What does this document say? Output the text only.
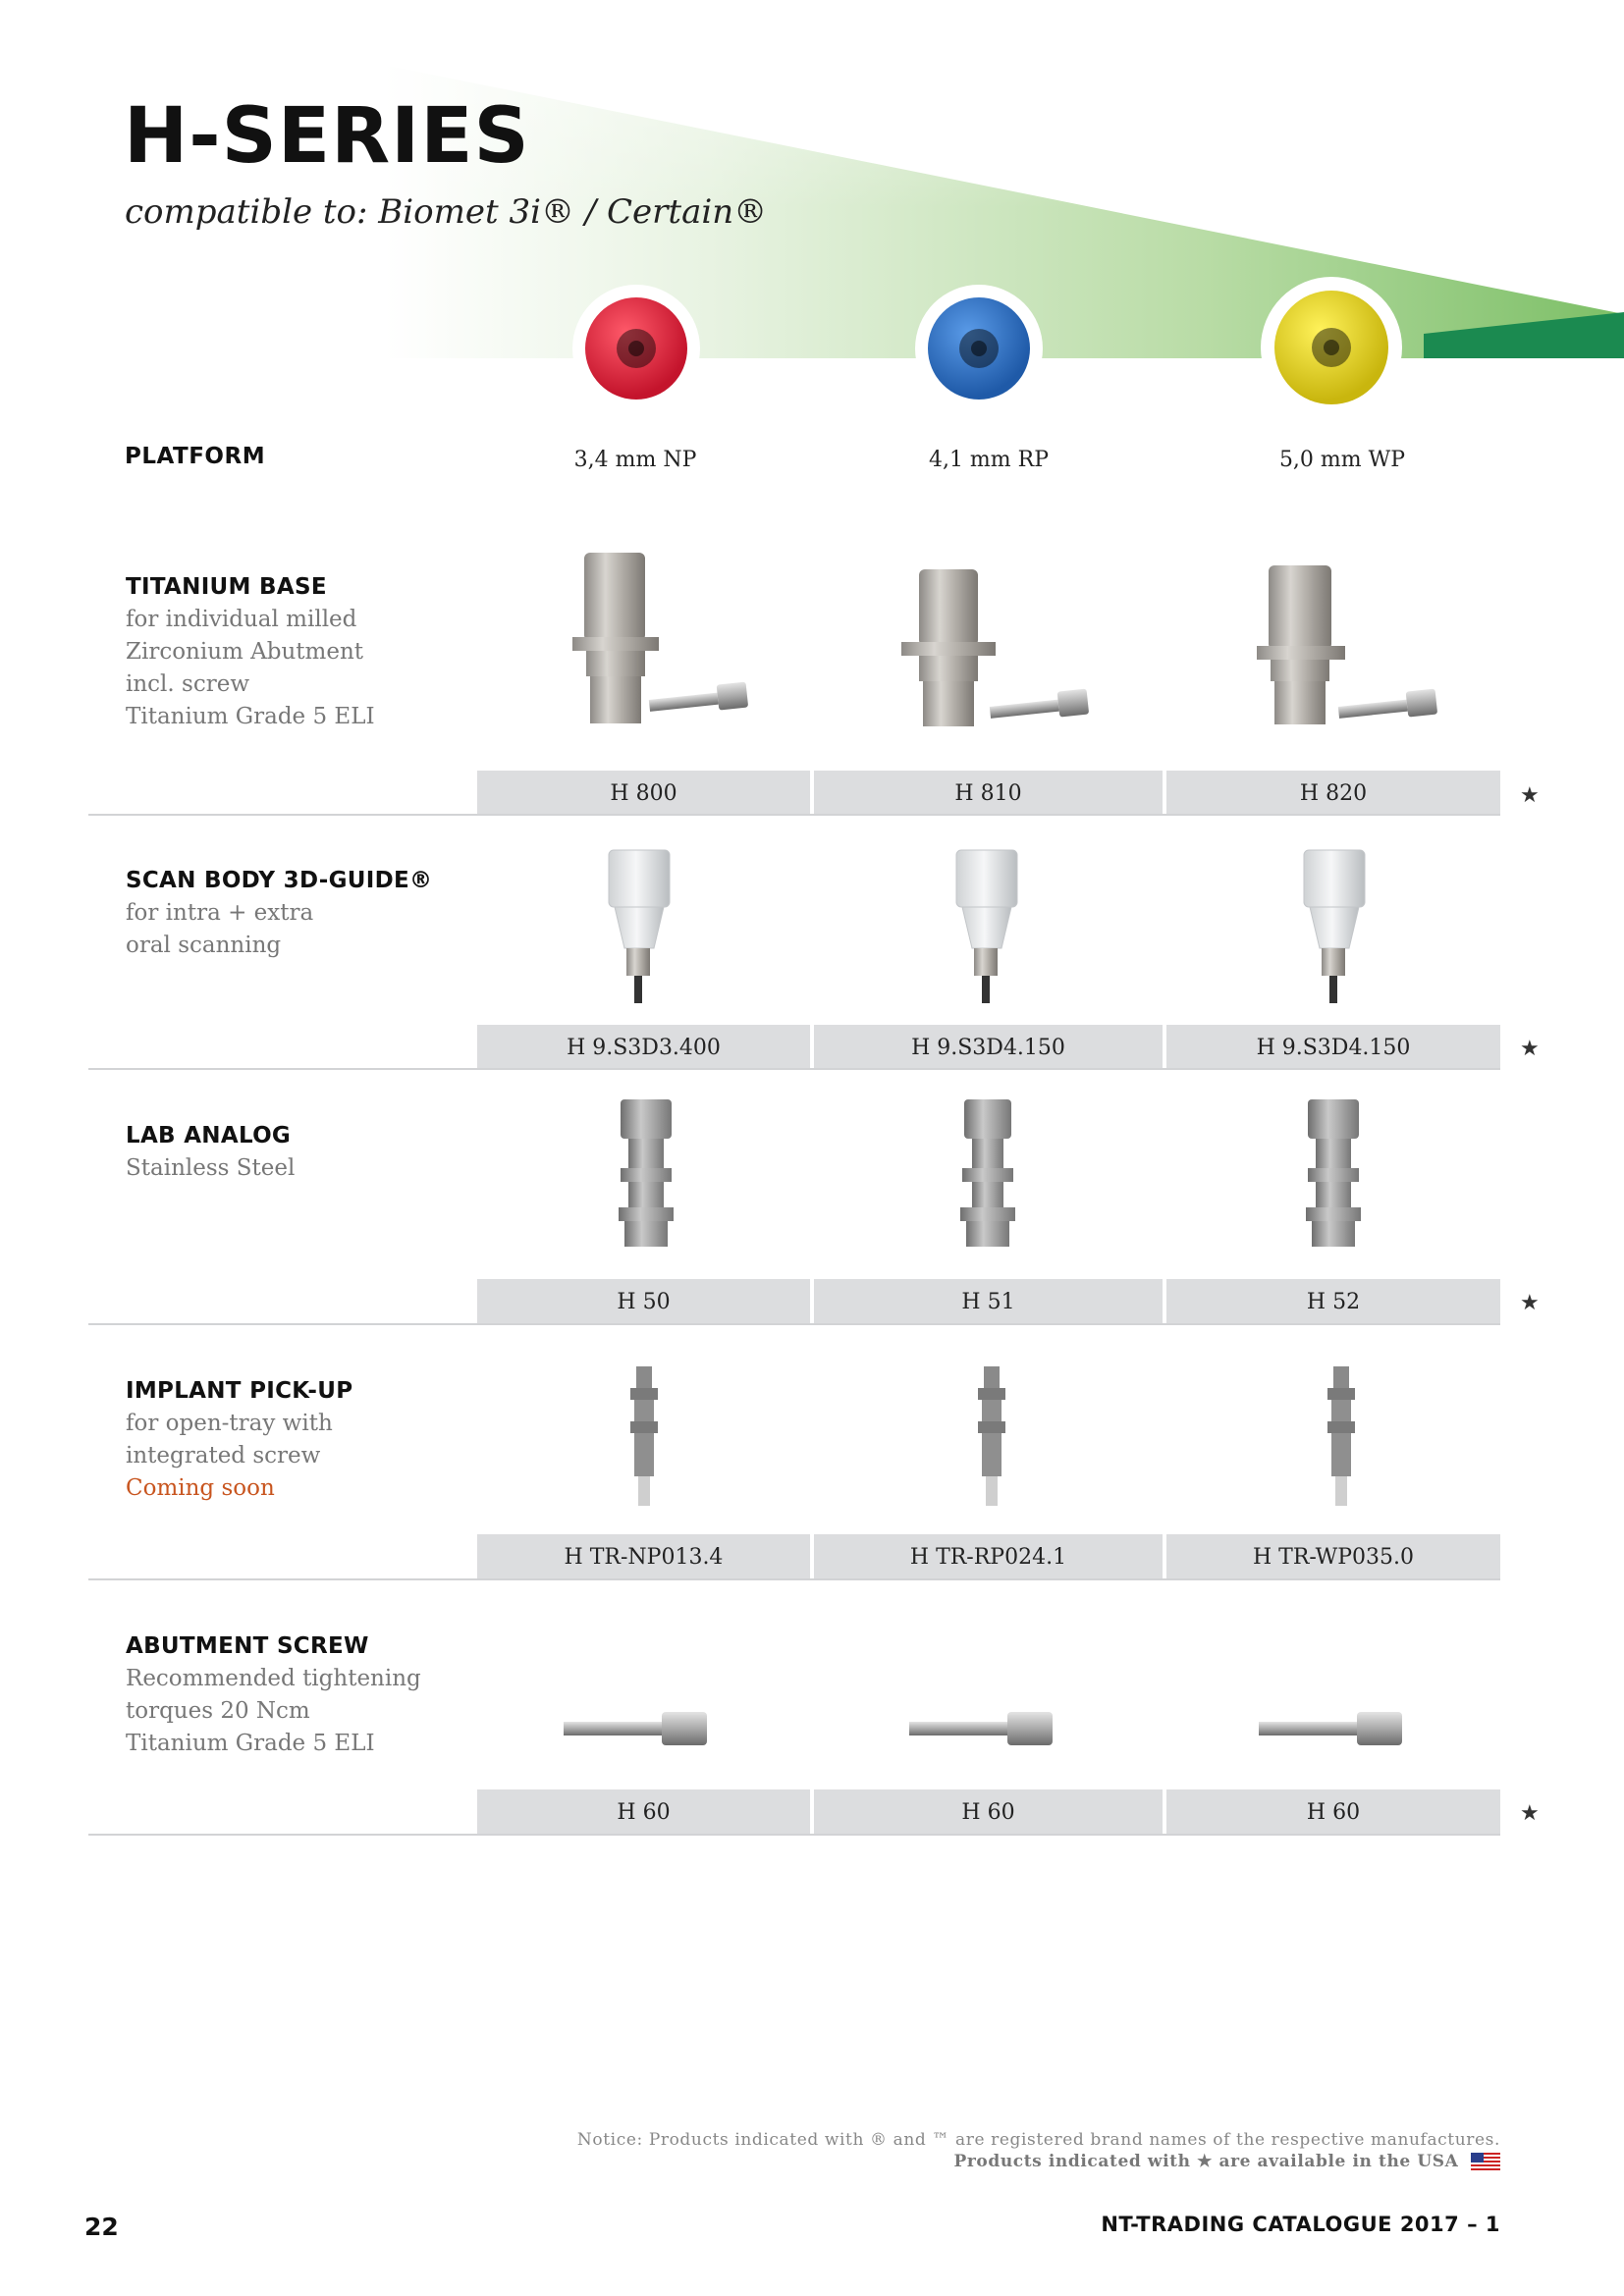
H-SERIES
compatible to: Biomet 3i® / Certain®
PLATFORM	3,4 mm NP	4,1 mm RP	5,0 mm WP
TITANIUM BASE
for individual milled
Zirconium Abutment
incl. screw
Titanium Grade 5 ELI
H 800	H 810	H 820	★
SCAN BODY 3D-GUIDE®
for intra + extra
oral scanning
H 9.S3D3.400	H 9.S3D4.150	H 9.S3D4.150	★
LAB ANALOG
Stainless Steel
H 50	H 51	H 52	★
IMPLANT PICK-UP
for open-tray with
integrated screw
Coming soon
H TR-NP013.4	H TR-RP024.1	H TR-WP035.0
ABUTMENT SCREW
Recommended tightening
torques 20 Ncm
Titanium Grade 5 ELI
H 60	H 60	H 60	★
Notice: Products indicated with ® and ™ are registered brand names of the respective manufactures.
Products indicated with ★ are available in the USA
22	NT-TRADING CATALOGUE 2017 – 1
